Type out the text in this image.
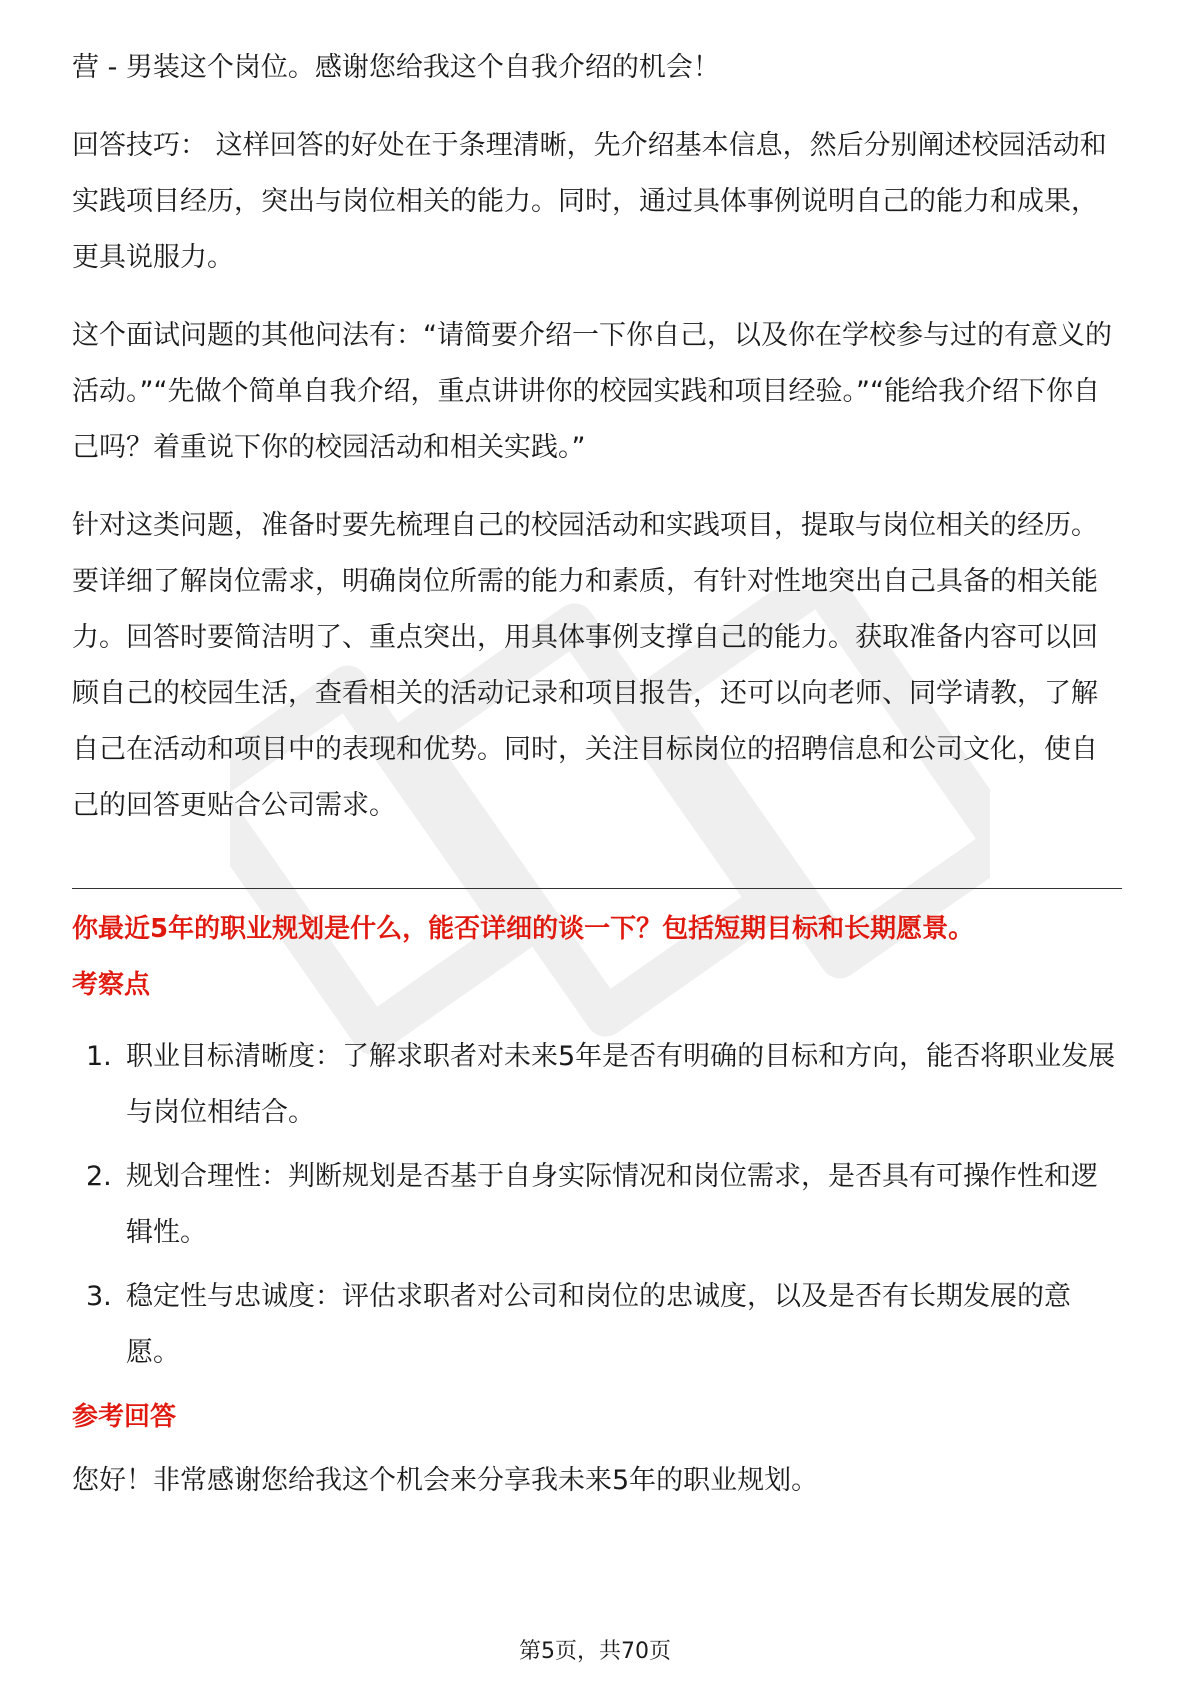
营 - 男装这个岗位。感谢您给我这个自我介绍的机会！

回答技巧： 这样回答的好处在于条理清晰，先介绍基本信息，然后分别阐述校园活动和实践项目经历，突出与岗位相关的能力。同时，通过具体事例说明自己的能力和成果，更具说服力。

这个面试问题的其他问法有：“请简要介绍一下你自己，以及你在学校参与过的有意义的活动。”“先做个简单自我介绍，重点讲讲你的校园实践和项目经验。”“能给我介绍下你自己吗？着重说下你的校园活动和相关实践。”

针对这类问题，准备时要先梳理自己的校园活动和实践项目，提取与岗位相关的经历。要详细了解岗位需求，明确岗位所需的能力和素质，有针对性地突出自己具备的相关能力。回答时要简洁明了、重点突出，用具体事例支撑自己的能力。获取准备内容可以回顾自己的校园生活，查看相关的活动记录和项目报告，还可以向老师、同学请教，了解自己在活动和项目中的表现和优势。同时，关注目标岗位的招聘信息和公司文化，使自己的回答更贴合公司需求。

你最近5年的职业规划是什么，能否详细的谈一下？包括短期目标和长期愿景。

考察点

1. 职业目标清晰度：了解求职者对未来5年是否有明确的目标和方向，能否将职业发展与岗位相结合。
2. 规划合理性：判断规划是否基于自身实际情况和岗位需求，是否具有可操作性和逻辑性。
3. 稳定性与忠诚度：评估求职者对公司和岗位的忠诚度，以及是否有长期发展的意愿。

参考回答

您好！非常感谢您给我这个机会来分享我未来5年的职业规划。

第5页，共70页
